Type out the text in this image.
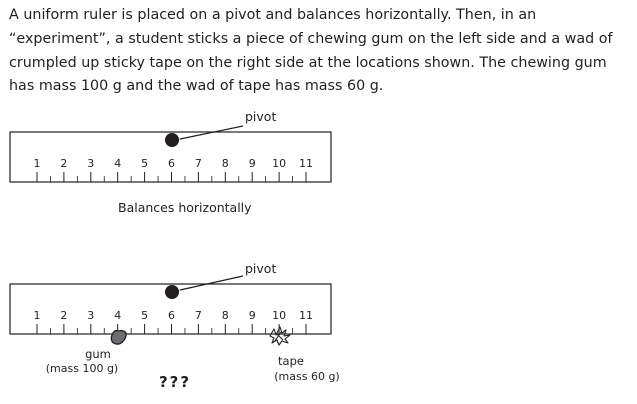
A uniform ruler is placed on a pivot and balances horizontally. Then, in an “experiment”, a student sticks a piece of chewing gum on the left side and a wad of crumpled up sticky tape on the right side at the locations shown. The chewing gum has mass 100 g and the wad of tape has mass 60 g.

1 2 3 4 5 6 7 8 9 10 11
pivot
Balances horizontally
1 2 3 4 5 6 7 8 9 10 11
pivot
gum
(mass 100 g)
tape
(mass 60 g)
???
